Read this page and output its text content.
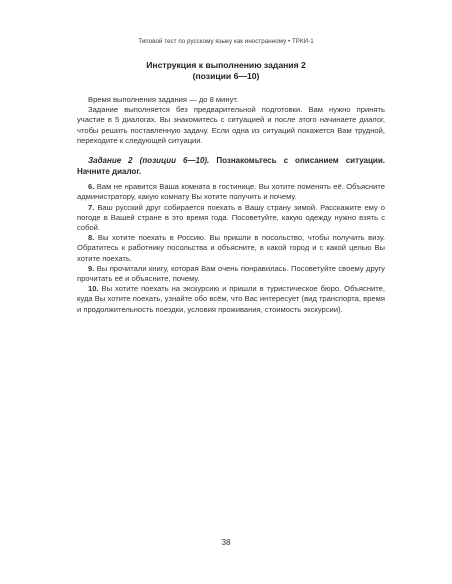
Типовой тест по русскому языку как иностранному • ТРКИ-1
Инструкция к выполнению задания 2
(позиции 6—10)

Время выполнения задания — до 8 минут.

Задание выполняется без предварительной подготовки. Вам нужно принять участие в 5 диалогах. Вы знакомитесь с ситуацией и после этого начинаете диалог, чтобы решить поставленную задачу. Если одна из ситуаций покажется Вам трудной, переходите к следующей ситуации.

Задание 2 (позиции 6—10). Познакомьтесь с описанием ситуации. Начните диалог.

6. Вам не нравится Ваша комната в гостинице. Вы хотите поменять её. Объясните администратору, какую комнату Вы хотите получить и почему.

7. Ваш русский друг собирается поехать в Вашу страну зимой. Расскажите ему о погоде в Вашей стране в это время года. Посоветуйте, какую одежду нужно взять с собой.

8. Вы хотите поехать в Россию. Вы пришли в посольство, чтобы получить визу. Обратитесь к работнику посольства и объясните, в какой город и с какой целью Вы хотите поехать.

9. Вы прочитали книгу, которая Вам очень понравилась. Посоветуйте своему другу прочитать её и объясните, почему.

10. Вы хотите поехать на экскурсию и пришли в туристическое бюро. Объясните, куда Вы хотите поехать, узнайте обо всём, что Вас интересует (вид транспорта, время и продолжительность поездки, условия проживания, стоимость экскурсии).

38
